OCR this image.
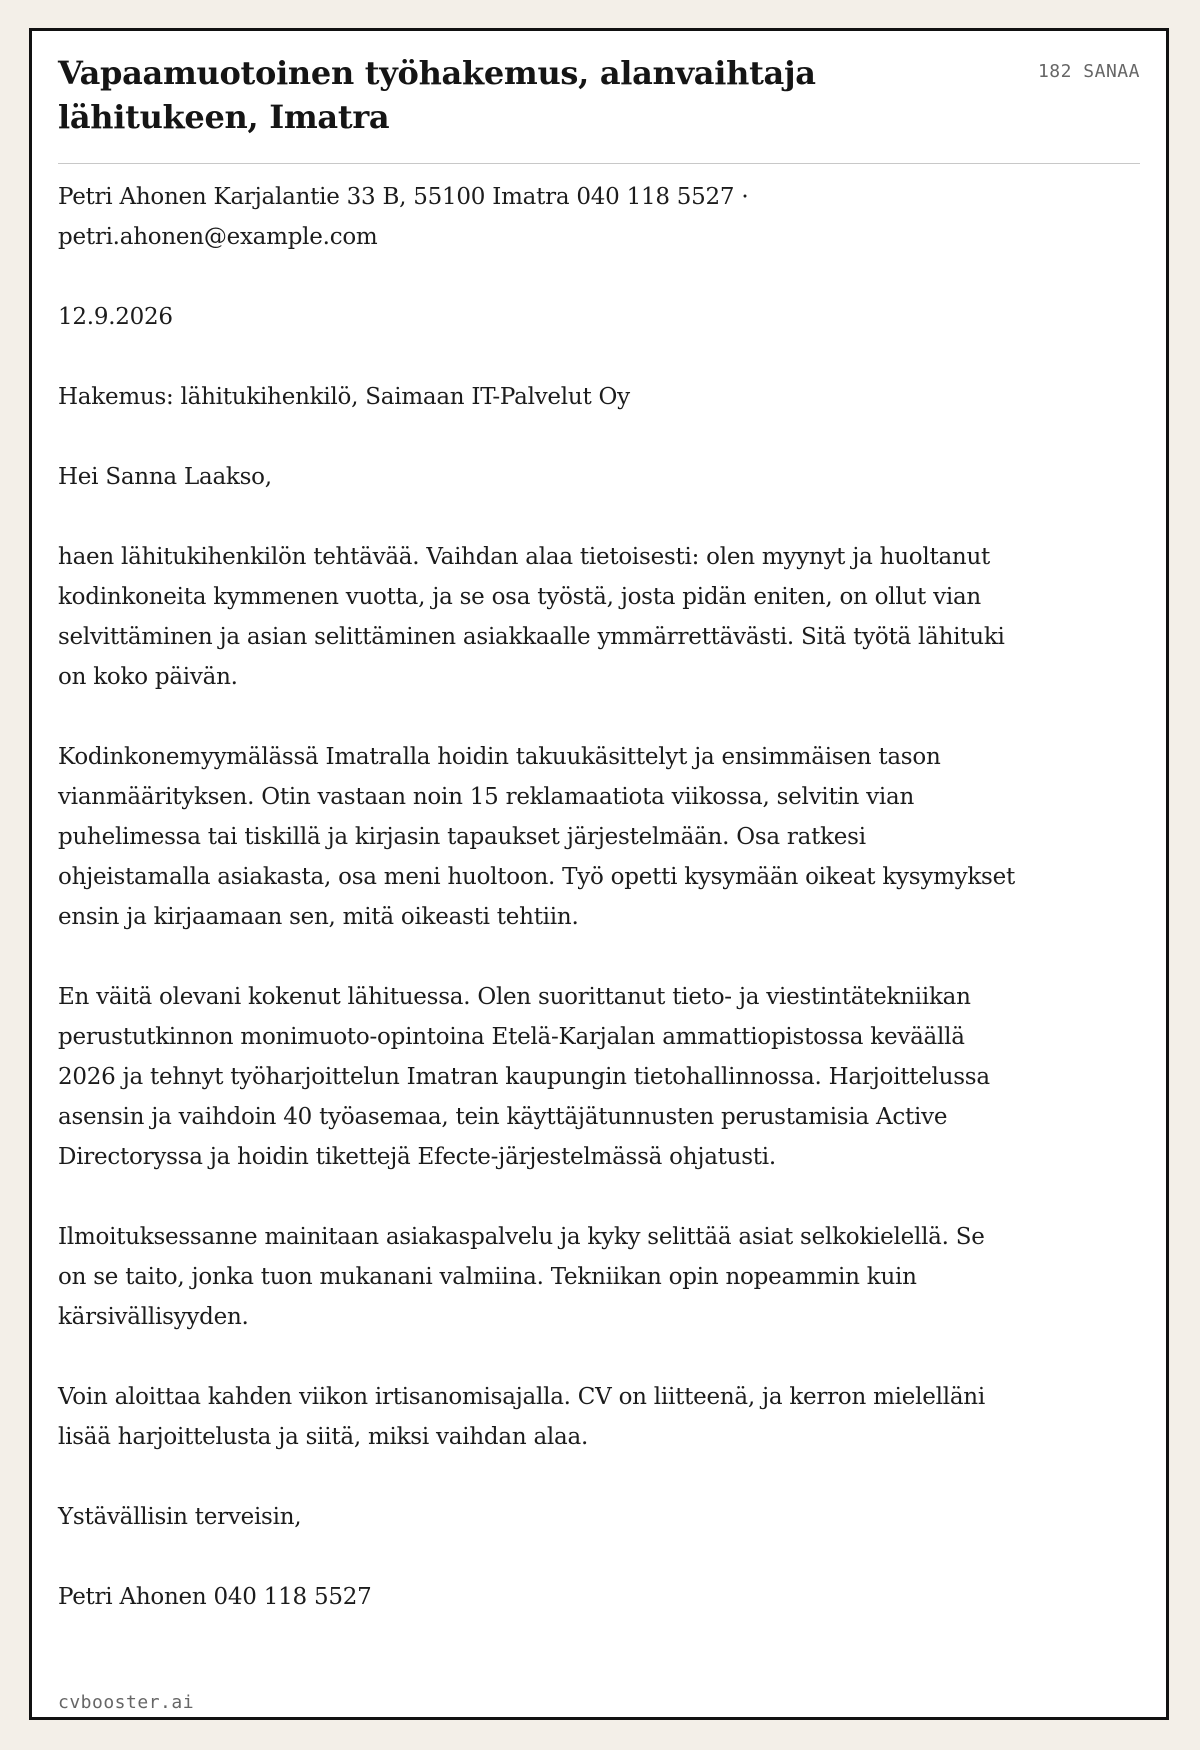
Vapaamuotoinen työhakemus, alanvaihtaja lähitukeen, Imatra
182 SANAA

Petri Ahonen Karjalantie 33 B, 55100 Imatra 040 118 5527 · petri.ahonen@example.com

12.9.2026

Hakemus: lähitukihenkilö, Saimaan IT-Palvelut Oy

Hei Sanna Laakso,

haen lähitukihenkilön tehtävää. Vaihdan alaa tietoisesti: olen myynyt ja huoltanut kodinkoneita kymmenen vuotta, ja se osa työstä, josta pidän eniten, on ollut vian selvittäminen ja asian selittäminen asiakkaalle ymmärrettävästi. Sitä työtä lähituki on koko päivän.

Kodinkonemyymälässä Imatralla hoidin takuukäsittelyt ja ensimmäisen tason vianmäärityksen. Otin vastaan noin 15 reklamaatiota viikossa, selvitin vian puhelimessa tai tiskillä ja kirjasin tapaukset järjestelmään. Osa ratkesi ohjeistamalla asiakasta, osa meni huoltoon. Työ opetti kysymään oikeat kysymykset ensin ja kirjaamaan sen, mitä oikeasti tehtiin.

En väitä olevani kokenut lähituessa. Olen suorittanut tieto- ja viestintätekniikan perustutkinnon monimuoto-opintoina Etelä-Karjalan ammattiopistossa keväällä 2026 ja tehnyt työharjoittelun Imatran kaupungin tietohallinnossa. Harjoittelussa asensin ja vaihdoin 40 työasemaa, tein käyttäjätunnusten perustamisia Active Directoryssa ja hoidin tikettejä Efecte-järjestelmässä ohjatusti.

Ilmoituksessanne mainitaan asiakaspalvelu ja kyky selittää asiat selkokielellä. Se on se taito, jonka tuon mukanani valmiina. Tekniikan opin nopeammin kuin kärsivällisyyden.

Voin aloittaa kahden viikon irtisanomisajalla. CV on liitteenä, ja kerron mielelläni lisää harjoittelusta ja siitä, miksi vaihdan alaa.

Ystävällisin terveisin,

Petri Ahonen 040 118 5527

cvbooster.ai
